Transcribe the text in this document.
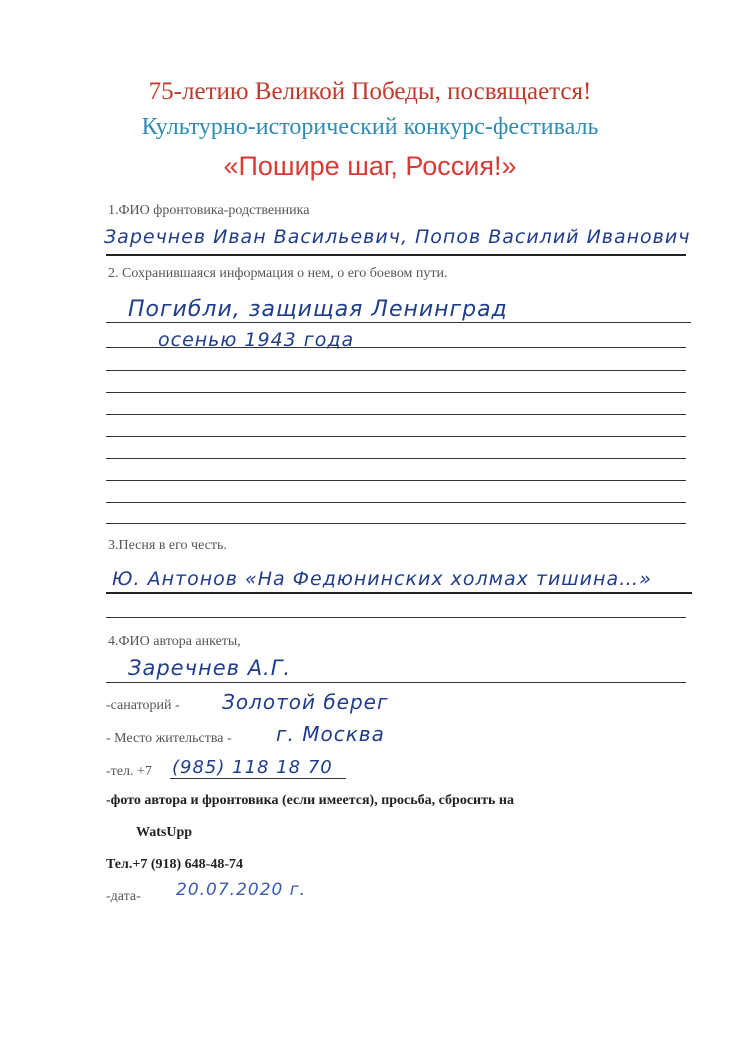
75-летию Великой Победы, посвящается!
Культурно-исторический конкурс-фестиваль
«Пошире шаг, Россия!»
1.ФИО фронтовика-родственника
Заречнев Иван Васильевич, Попов Василий Иванович
2. Сохранившаяся информация о нем, о его боевом пути.
Погибли, защищая Ленинград
осенью 1943 года
3.Песня в его честь.
Ю. Антонов «На Федюнинских холмах тишина…»
4.ФИО автора анкеты,
Заречнев А.Г.
-санаторий - Золотой берег
- Место жительства - г. Москва
-тел. +7 (985) 118 18 70
-фото автора и фронтовика (если имеется), просьба, сбросить на
WatsUpp
Тел.+7 (918) 648-48-74
-дата- 20.07.2020 г.
